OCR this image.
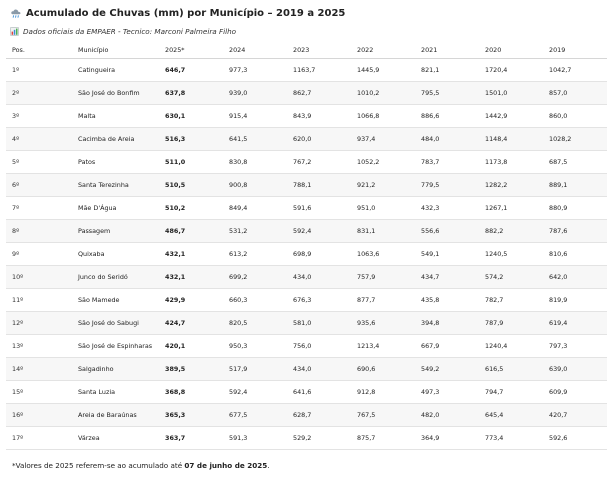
Acumulado de Chuvas (mm) por Município – 2019 a 2025
Dados oficiais da EMPAER - Tecnico: Marconi Palmeira Filho
Pos.	Município	2025*	2024	2023	2022	2021	2020	2019
1º	Catingueira	646,7	977,3	1163,7	1445,9	821,1	1720,4	1042,7
2º	São José do Bonfim	637,8	939,0	862,7	1010,2	795,5	1501,0	857,0
3º	Malta	630,1	915,4	843,9	1066,8	886,6	1442,9	860,0
4º	Cacimba de Areia	516,3	641,5	620,0	937,4	484,0	1148,4	1028,2
5º	Patos	511,0	830,8	767,2	1052,2	783,7	1173,8	687,5
6º	Santa Terezinha	510,5	900,8	788,1	921,2	779,5	1282,2	889,1
7º	Mãe D'Água	510,2	849,4	591,6	951,0	432,3	1267,1	880,9
8º	Passagem	486,7	531,2	592,4	831,1	556,6	882,2	787,6
9º	Quixaba	432,1	613,2	698,9	1063,6	549,1	1240,5	810,6
10º	Junco do Seridó	432,1	699,2	434,0	757,9	434,7	574,2	642,0
11º	São Mamede	429,9	660,3	676,3	877,7	435,8	782,7	819,9
12º	São José do Sabugi	424,7	820,5	581,0	935,6	394,8	787,9	619,4
13º	São José de Espinharas	420,1	950,3	756,0	1213,4	667,9	1240,4	797,3
14º	Salgadinho	389,5	517,9	434,0	690,6	549,2	616,5	639,0
15º	Santa Luzia	368,8	592,4	641,6	912,8	497,3	794,7	609,9
16º	Areia de Baraúnas	365,3	677,5	628,7	767,5	482,0	645,4	420,7
17º	Várzea	363,7	591,3	529,2	875,7	364,9	773,4	592,6
*Valores de 2025 referem-se ao acumulado até 07 de junho de 2025.
